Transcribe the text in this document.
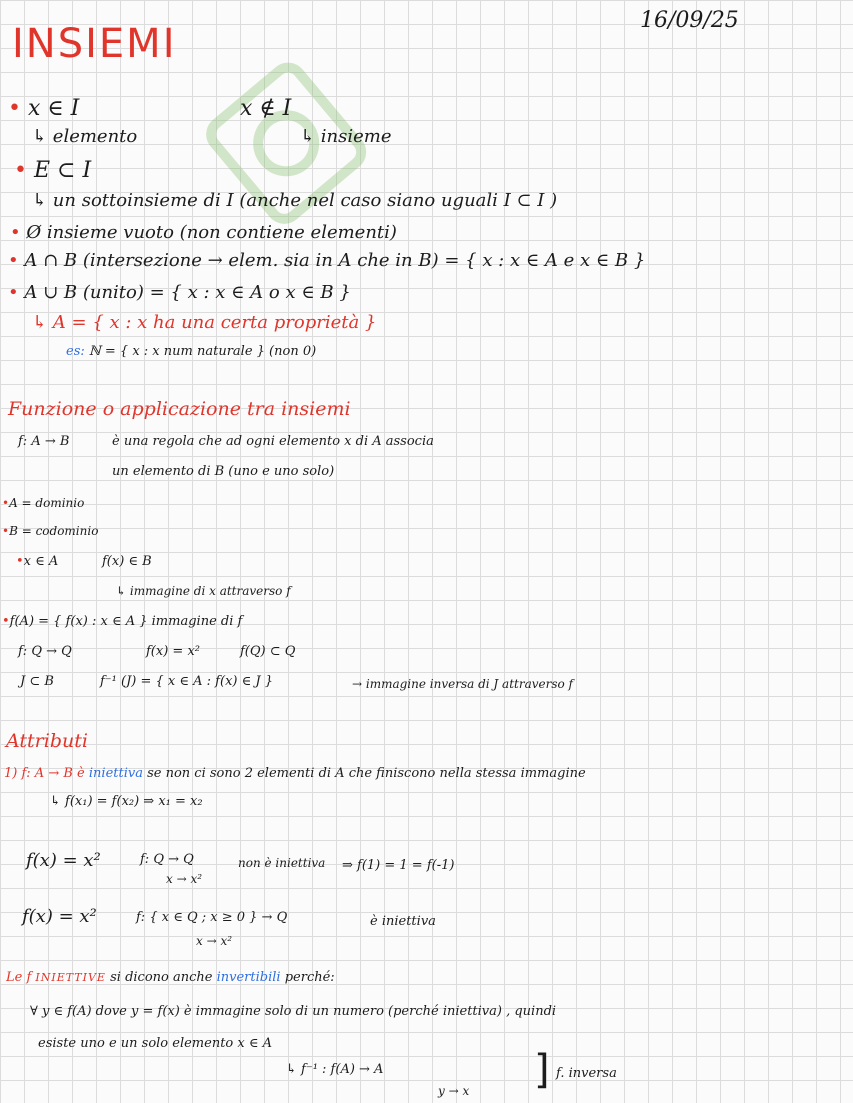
INSIEMI
16/09/25
• x ∈ I	x ∉ I
↳ elemento	↳ insieme
• E ⊂ I
↳ un sottoinsieme di I (anche nel caso siano uguali I ⊂ I )
• Ø insieme vuoto (non contiene elementi)
• A ∩ B (intersezione → elem. sia in A che in B) = { x : x ∈ A e x ∈ B }
• A ∪ B (unito) = { x : x ∈ A o x ∈ B }
↳ A = { x : x ha una certa proprietà }
es: ℕ = { x : x num naturale } (non 0)
Funzione o applicazione tra insiemi
f: A → B	è una regola che ad ogni elemento x di A associa
un elemento di B (uno e uno solo)
•A = dominio
•B = codominio
•x ∈ A	f(x) ∈ B
↳ immagine di x attraverso f
•f(A) = { f(x) : x ∈ A } immagine di f
f: Q → Q	f(x) = x²	f(Q) ⊂ Q
J ⊂ B	f⁻¹ (J) = { x ∈ A : f(x) ∈ J }	→ immagine inversa di J attraverso f
Attributi
1) f: A → B è iniettiva se non ci sono 2 elementi di A che finiscono nella stessa immagine
↳ f(x₁) = f(x₂) ⇒ x₁ = x₂
f(x) = x²	f: Q → Q
x → x²
non è iniettiva ⇒ f(1) = 1 = f(-1)
f(x) = x²	f: { x ∈ Q ; x ≥ 0 } → Q
x → x²
è iniettiva
Le f INIETTIVE si dicono anche invertibili perché:
∀ y ∈ f(A) dove y = f(x) è immagine solo di un numero (perché iniettiva) , quindi
esiste uno e un solo elemento x ∈ A
↳ f⁻¹ : f(A) → A
y → x ] f. inversa
